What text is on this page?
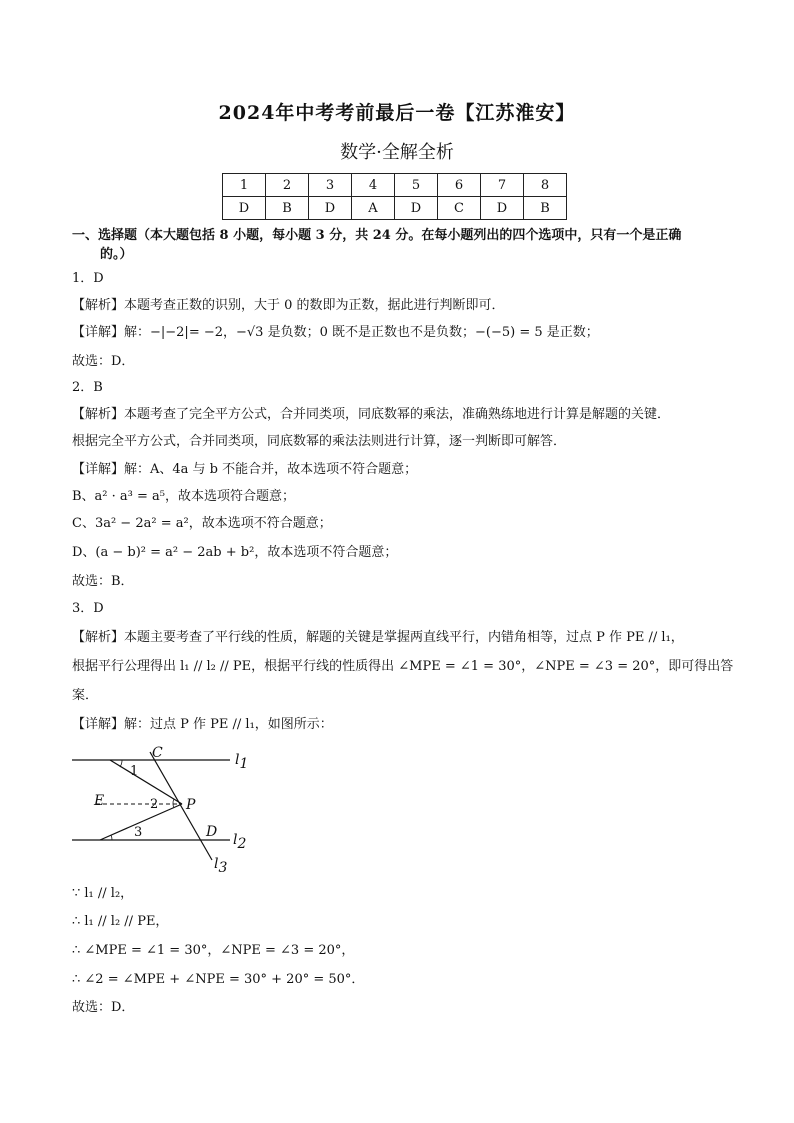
2024年中考考前最后一卷【江苏淮安】
数学·全解全析
1	2	3	4	5	6	7	8
D	B	D	A	D	C	D	B
一、选择题（本大题包括 8 小题，每小题 3 分，共 24 分。在每小题列出的四个选项中，只有一个是正确
的。）
1．D
【解析】本题考查正数的识别，大于 0 的数即为正数，据此进行判断即可．
【详解】解：−|−2|= −2，−√3 是负数；0 既不是正数也不是负数；−(−5) = 5 是正数；
故选：D．
2．B
【解析】本题考查了完全平方公式，合并同类项，同底数幂的乘法，准确熟练地进行计算是解题的关键．
根据完全平方公式，合并同类项，同底数幂的乘法法则进行计算，逐一判断即可解答．
【详解】解：A、4a 与 b 不能合并，故本选项不符合题意；
B、a² · a³ = a⁵，故本选项符合题意；
C、3a² − 2a² = a²，故本选项不符合题意；
D、(a − b)² = a² − 2ab + b²，故本选项不符合题意；
故选：B．
3．D
【解析】本题主要考查了平行线的性质，解题的关键是掌握两直线平行，内错角相等，过点 P 作 PE // l₁，
根据平行公理得出 l₁ // l₂ // PE，根据平行线的性质得出 ∠MPE = ∠1 = 30°，∠NPE = ∠3 = 20°，即可得出答
案．
【详解】解：过点 P 作 PE // l₁，如图所示：
C	l1
1
E	2 P
3	D l2
l3
∵ l₁ // l₂，
∴ l₁ // l₂ // PE，
∴ ∠MPE = ∠1 = 30°，∠NPE = ∠3 = 20°，
∴ ∠2 = ∠MPE + ∠NPE = 30° + 20° = 50°．
故选：D．
